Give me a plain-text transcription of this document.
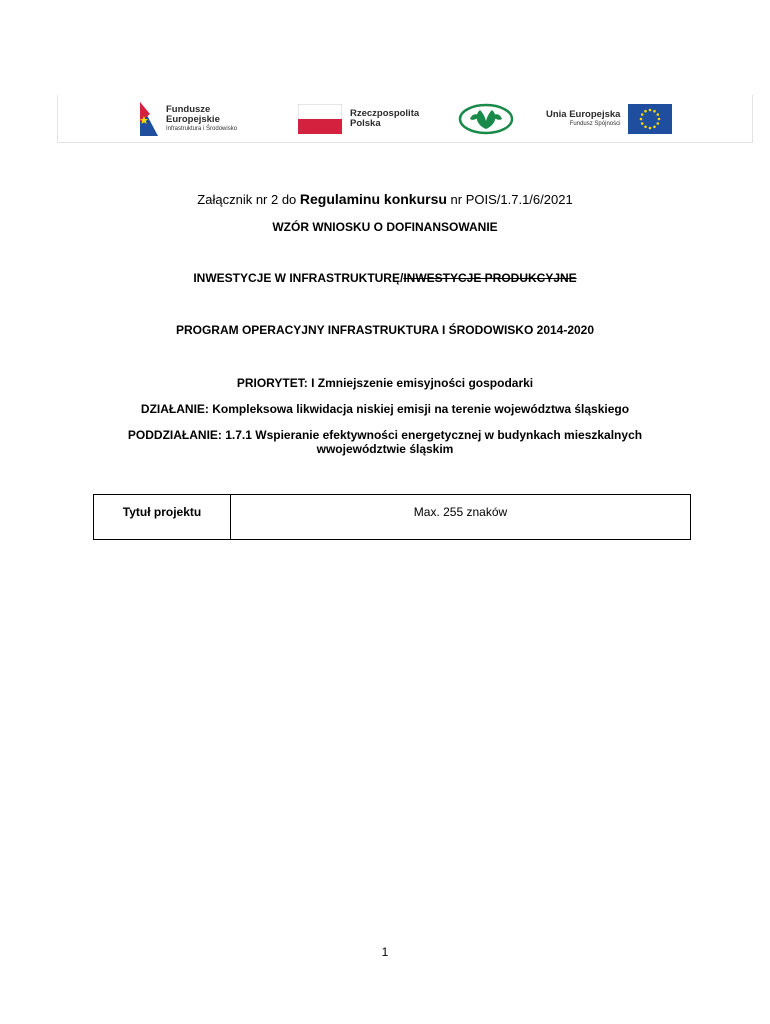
Fundusze
Europejskie
Infrastruktura i Środowisko
Rzeczpospolita
Polska
Unia Europejska
Fundusz Spójności
Załącznik nr 2 do Regulaminu konkursu nr POIS/1.7.1/6/2021
WZÓR WNIOSKU O DOFINANSOWANIE
INWESTYCJE W INFRASTRUKTURĘ/INWESTYCJE PRODUKCYJNE
PROGRAM OPERACYJNY INFRASTRUKTURA I ŚRODOWISKO 2014-2020
PRIORYTET: I Zmniejszenie emisyjności gospodarki
DZIAŁANIE: Kompleksowa likwidacja niskiej emisji na terenie województwa śląskiego
PODDZIAŁANIE: 1.7.1 Wspieranie efektywności energetycznej w budynkach mieszkalnych
wwojewództwie śląskim
Tytuł projektu	Max. 255 znaków
1
